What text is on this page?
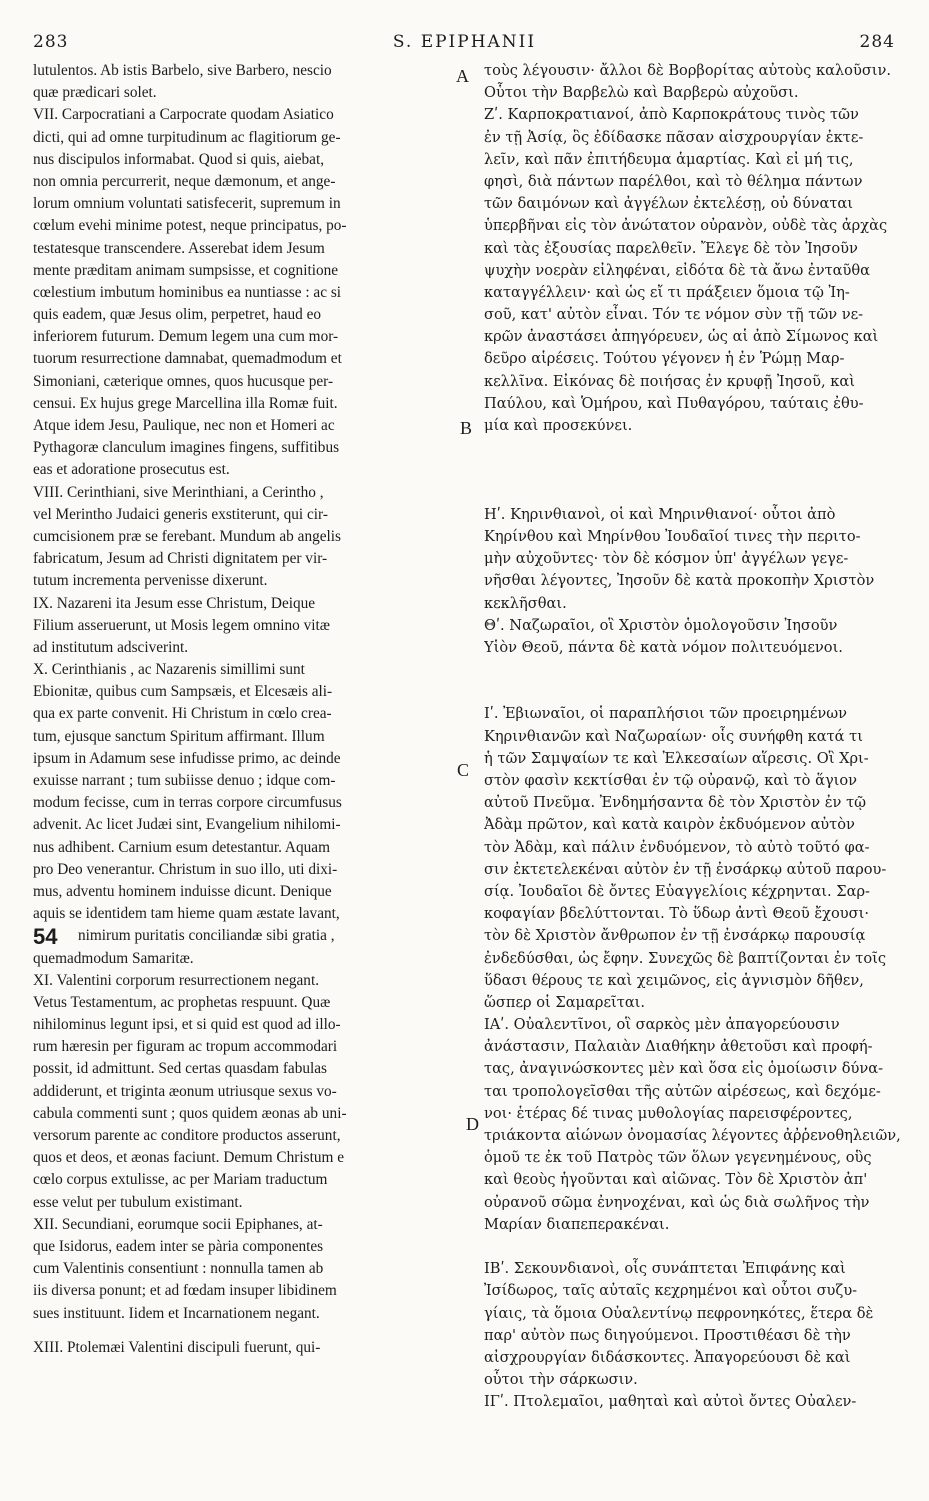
283	S. EPIPHANII	284
lutulentos. Ab istis Barbelo, sive Barbero, nescio
quæ prædicari solet.
VII. Carpocratiani a Carpocrate quodam Asiatico
dicti, qui ad omne turpitudinum ac flagitiorum ge-
nus discipulos informabat. Quod si quis, aiebat,
non omnia percurrerit, neque dæmonum, et ange-
lorum omnium voluntati satisfecerit, supremum in
cœlum evehi minime potest, neque principatus, po-
testatesque transcendere. Asserebat idem Jesum
mente præditam animam sumpsisse, et cognitione
cœlestium imbutum hominibus ea nuntiasse : ac si
quis eadem, quæ Jesus olim, perpetret, haud eo
inferiorem futurum. Demum legem una cum mor-
tuorum resurrectione damnabat, quemadmodum et
Simoniani, cæterique omnes, quos hucusque per-
censui. Ex hujus grege Marcellina illa Romæ fuit.
Atque idem Jesu, Paulique, nec non et Homeri ac
Pythagoræ clanculum imagines fingens, suffitibus
eas et adoratione prosecutus est.
VIII. Cerinthiani, sive Merinthiani, a Cerintho ,
vel Merintho Judaici generis exstiterunt, qui cir-
cumcisionem præ se ferebant. Mundum ab angelis
fabricatum, Jesum ad Christi dignitatem per vir-
tutum incrementa pervenisse dixerunt.
IX. Nazareni ita Jesum esse Christum, Deique
Filium asseruerunt, ut Mosis legem omnino vitæ
ad institutum adsciverint.
X. Cerinthianis , ac Nazarenis simillimi sunt
Ebionitæ, quibus cum Sampsæis, et Elcesæis ali-
qua ex parte convenit. Hi Christum in cœlo crea-
tum, ejusque sanctum Spiritum affirmant. Illum
ipsum in Adamum sese infudisse primo, ac deinde
exuisse narrant ; tum subiisse denuo ; idque com-
modum fecisse, cum in terras corpore circumfusus
advenit. Ac licet Judæi sint, Evangelium nihilomi-
nus adhibent. Carnium esum detestantur. Aquam
pro Deo venerantur. Christum in suo illo, uti dixi-
mus, adventu hominem induisse dicunt. Denique
aquis se identidem tam hieme quam æstate lavant,
nimirum puritatis conciliandæ sibi gratia ,
quemadmodum Samaritæ.
XI. Valentini corporum resurrectionem negant.
Vetus Testamentum, ac prophetas respuunt. Quæ
nihilominus legunt ipsi, et si quid est quod ad illo-
rum hæresin per figuram ac tropum accommodari
possit, id admittunt. Sed certas quasdam fabulas
addiderunt, et triginta æonum utriusque sexus vo-
cabula commenti sunt ; quos quidem æonas ab uni-
versorum parente ac conditore productos asserunt,
quos et deos, et æonas faciunt. Demum Christum e
cœlo corpus extulisse, ac per Mariam traductum
esse velut per tubulum existimant.
XII. Secundiani, eorumque socii Epiphanes, at-
que Isidorus, eadem inter se pària componentes
cum Valentinis consentiunt : nonnulla tamen ab
iis diversa ponunt; et ad fœdam insuper libidinem
sues instituunt. Iidem et Incarnationem negant.
XIII. Ptolemæi Valentini discipuli fuerunt, qui-
τοὺς λέγουσιν· ἄλλοι δὲ Βορβορίτας αὐτοὺς καλοῦσιν.
Οὗτοι τὴν Βαρβελὼ καὶ Βαρβερὼ αὐχοῦσι.
Ζʹ. Καρποκρατιανοί, ἀπὸ Καρποκράτους τινὸς τῶν
ἐν τῇ Ἀσίᾳ, ὃς ἐδίδασκε πᾶσαν αἰσχρουργίαν ἐκτε-
λεῖν, καὶ πᾶν ἐπιτήδευμα ἁμαρτίας. Καὶ εἰ μή τις,
φησὶ, διὰ πάντων παρέλθοι, καὶ τὸ θέλημα πάντων
τῶν δαιμόνων καὶ ἀγγέλων ἐκτελέσῃ, οὐ δύναται
ὑπερβῆναι εἰς τὸν ἀνώτατον οὐρανὸν, οὐδὲ τὰς ἀρχὰς
καὶ τὰς ἐξουσίας παρελθεῖν. Ἔλεγε δὲ τὸν Ἰησοῦν
ψυχὴν νοερὰν εἰληφέναι, εἰδότα δὲ τὰ ἄνω ἐνταῦθα
καταγγέλλειν· καὶ ὡς εἴ τι πράξειεν ὅμοια τῷ Ἰη-
σοῦ, κατ' αὐτὸν εἶναι. Τόν τε νόμον σὺν τῇ τῶν νε-
κρῶν ἀναστάσει ἀπηγόρευεν, ὡς αἱ ἀπὸ Σίμωνος καὶ
δεῦρο αἱρέσεις. Τούτου γέγονεν ἡ ἐν Ῥώμῃ Μαρ-
κελλῖνα. Εἰκόνας δὲ ποιήσας ἐν κρυφῇ Ἰησοῦ, καὶ
Παύλου, καὶ Ὁμήρου, καὶ Πυθαγόρου, ταύταις ἐθυ-
μία καὶ προσεκύνει.
Ηʹ. Κηρινθιανοὶ, οἱ καὶ Μηρινθιανοί· οὗτοι ἀπὸ
Κηρίνθου καὶ Μηρίνθου Ἰουδαῖοί τινες τὴν περιτο-
μὴν αὐχοῦντες· τὸν δὲ κόσμον ὑπ' ἀγγέλων γεγε-
νῆσθαι λέγοντες, Ἰησοῦν δὲ κατὰ προκοπὴν Χριστὸν
κεκλῆσθαι.
Θʹ. Ναζωραῖοι, οἳ Χριστὸν ὁμολογοῦσιν Ἰησοῦν
Υἱὸν Θεοῦ, πάντα δὲ κατὰ νόμον πολιτευόμενοι.
Ιʹ. Ἐβιωναῖοι, οἱ παραπλήσιοι τῶν προειρημένων
Κηρινθιανῶν καὶ Ναζωραίων· οἷς συνήφθη κατά τι
ἡ τῶν Σαμψαίων τε καὶ Ἐλκεσαίων αἵρεσις. Οἳ Χρι-
στὸν φασὶν κεκτίσθαι ἐν τῷ οὐρανῷ, καὶ τὸ ἅγιον
αὐτοῦ Πνεῦμα. Ἐνδημήσαντα δὲ τὸν Χριστὸν ἐν τῷ
Ἀδὰμ πρῶτον, καὶ κατὰ καιρὸν ἐκδυόμενον αὐτὸν
τὸν Ἀδὰμ, καὶ πάλιν ἐνδυόμενον, τὸ αὐτὸ τοῦτό φα-
σιν ἐκτετελεκέναι αὐτὸν ἐν τῇ ἐνσάρκῳ αὐτοῦ παρου-
σίᾳ. Ἰουδαῖοι δὲ ὄντες Εὐαγγελίοις κέχρηνται. Σαρ-
κοφαγίαν βδελύττονται. Τὸ ὕδωρ ἀντὶ Θεοῦ ἔχουσι·
τὸν δὲ Χριστὸν ἄνθρωπον ἐν τῇ ἐνσάρκῳ παρουσίᾳ
ἐνδεδύσθαι, ὡς ἔφην. Συνεχῶς δὲ βαπτίζονται ἐν τοῖς
ὕδασι θέρους τε καὶ χειμῶνος, εἰς ἁγνισμὸν δῆθεν,
ὥσπερ οἱ Σαμαρεῖται.
ΙΑʹ. Οὐαλεντῖνοι, οἳ σαρκὸς μὲν ἀπαγορεύουσιν
ἀνάστασιν, Παλαιὰν Διαθήκην ἀθετοῦσι καὶ προφή-
τας, ἀναγινώσκοντες μὲν καὶ ὅσα εἰς ὁμοίωσιν δύνα-
ται τροπολογεῖσθαι τῆς αὐτῶν αἱρέσεως, καὶ δεχόμε-
νοι· ἑτέρας δέ τινας μυθολογίας παρεισφέροντες,
τριάκοντα αἰώνων ὀνομασίας λέγοντες ἀῤῥενοθηλειῶν,
ὁμοῦ τε ἐκ τοῦ Πατρὸς τῶν ὅλων γεγενημένους, οὓς
καὶ θεοὺς ἡγοῦνται καὶ αἰῶνας. Τὸν δὲ Χριστὸν ἀπ'
οὐρανοῦ σῶμα ἐνηνοχέναι, καὶ ὡς διὰ σωλῆνος τὴν
Μαρίαν διαπεπερακέναι.
ΙΒʹ. Σεκουνδιανοὶ, οἷς συνάπτεται Ἐπιφάνης καὶ
Ἰσίδωρος, ταῖς αὐταῖς κεχρημένοι καὶ οὗτοι συζυ-
γίαις, τὰ ὅμοια Οὐαλεντίνῳ πεφρονηκότες, ἕτερα δὲ
παρ' αὐτὸν πως διηγούμενοι. Προστιθέασι δὲ τὴν
αἰσχρουργίαν διδάσκοντες. Ἀπαγορεύουσι δὲ καὶ
οὗτοι τὴν σάρκωσιν.
ΙΓʹ. Πτολεμαῖοι, μαθηταὶ καὶ αὐτοὶ ὄντες Οὐαλεν-
A
B
C
D
54
